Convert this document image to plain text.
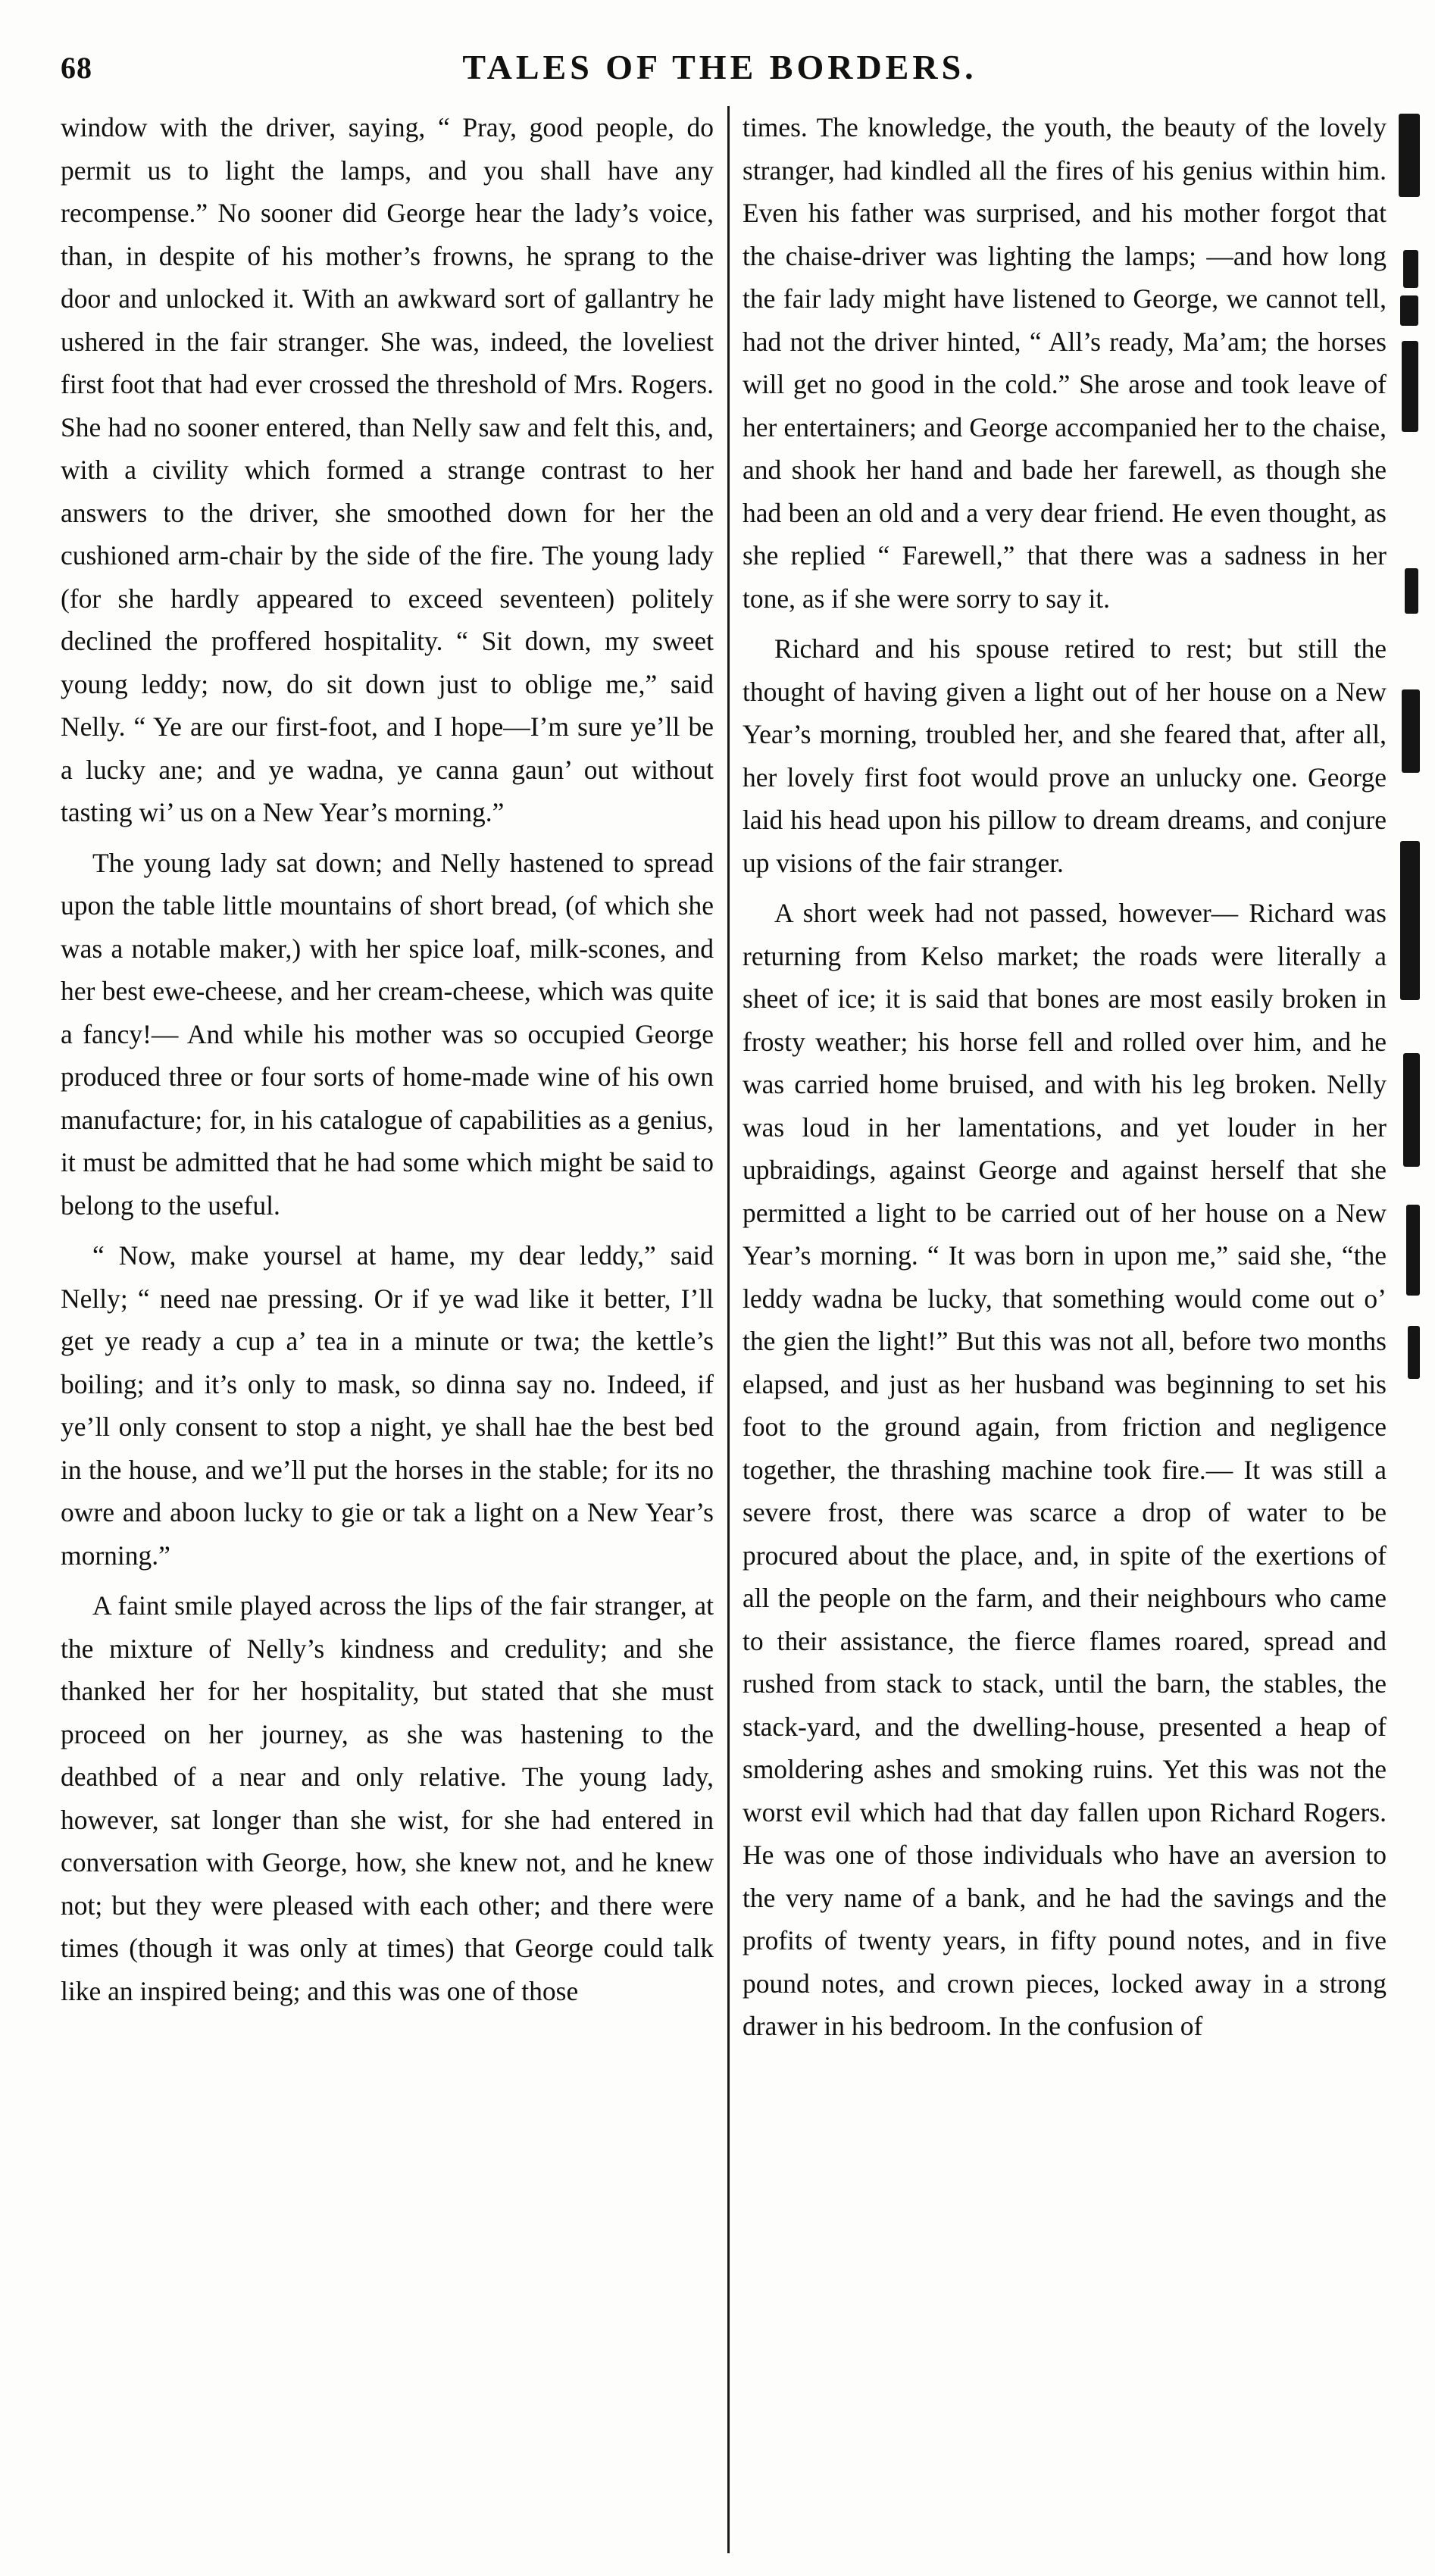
68	TALES OF THE BORDERS.

window with the driver, saying, “ Pray, good people, do permit us to light the lamps, and you shall have any recompense.” No sooner did George hear the lady’s voice, than, in despite of his mother’s frowns, he sprang to the door and unlocked it. With an awkward sort of gallantry he ushered in the fair stranger. She was, indeed, the loveliest first foot that had ever crossed the threshold of Mrs. Rogers. She had no sooner entered, than Nelly saw and felt this, and, with a civility which formed a strange contrast to her answers to the driver, she smoothed down for her the cushioned arm-chair by the side of the fire. The young lady (for she hardly appeared to exceed seventeen) politely declined the proffered hospitality. “ Sit down, my sweet young leddy; now, do sit down just to oblige me,” said Nelly. “ Ye are our first-foot, and I hope—I’m sure ye’ll be a lucky ane; and ye wadna, ye canna gaun’ out without tasting wi’ us on a New Year’s morning.”

The young lady sat down; and Nelly hastened to spread upon the table little mountains of short bread, (of which she was a notable maker,) with her spice loaf, milk-scones, and her best ewe-cheese, and her cream-cheese, which was quite a fancy!— And while his mother was so occupied George produced three or four sorts of home-made wine of his own manufacture; for, in his catalogue of capabilities as a genius, it must be admitted that he had some which might be said to belong to the useful.

“ Now, make yoursel at hame, my dear leddy,” said Nelly; “ need nae pressing. Or if ye wad like it better, I’ll get ye ready a cup a’ tea in a minute or twa; the kettle’s boiling; and it’s only to mask, so dinna say no. Indeed, if ye’ll only consent to stop a night, ye shall hae the best bed in the house, and we’ll put the horses in the stable; for its no owre and aboon lucky to gie or tak a light on a New Year’s morning.”

A faint smile played across the lips of the fair stranger, at the mixture of Nelly’s kindness and credulity; and she thanked her for her hospitality, but stated that she must proceed on her journey, as she was hastening to the deathbed of a near and only relative. The young lady, however, sat longer than she wist, for she had entered in conversation with George, how, she knew not, and he knew not; but they were pleased with each other; and there were times (though it was only at times) that George could talk like an inspired being; and this was one of those

times. The knowledge, the youth, the beauty of the lovely stranger, had kindled all the fires of his genius within him. Even his father was surprised, and his mother forgot that the chaise-driver was lighting the lamps; —and how long the fair lady might have listened to George, we cannot tell, had not the driver hinted, “ All’s ready, Ma’am; the horses will get no good in the cold.” She arose and took leave of her entertainers; and George accompanied her to the chaise, and shook her hand and bade her farewell, as though she had been an old and a very dear friend. He even thought, as she replied “ Farewell,” that there was a sadness in her tone, as if she were sorry to say it.

Richard and his spouse retired to rest; but still the thought of having given a light out of her house on a New Year’s morning, troubled her, and she feared that, after all, her lovely first foot would prove an unlucky one. George laid his head upon his pillow to dream dreams, and conjure up visions of the fair stranger.

A short week had not passed, however— Richard was returning from Kelso market; the roads were literally a sheet of ice; it is said that bones are most easily broken in frosty weather; his horse fell and rolled over him, and he was carried home bruised, and with his leg broken. Nelly was loud in her lamentations, and yet louder in her upbraidings, against George and against herself that she permitted a light to be carried out of her house on a New Year’s morning. “ It was born in upon me,” said she, “the leddy wadna be lucky, that something would come out o’ the gien the light!” But this was not all, before two months elapsed, and just as her husband was beginning to set his foot to the ground again, from friction and negligence together, the thrashing machine took fire.— It was still a severe frost, there was scarce a drop of water to be procured about the place, and, in spite of the exertions of all the people on the farm, and their neighbours who came to their assistance, the fierce flames roared, spread and rushed from stack to stack, until the barn, the stables, the stack-yard, and the dwelling-house, presented a heap of smoldering ashes and smoking ruins. Yet this was not the worst evil which had that day fallen upon Richard Rogers. He was one of those individuals who have an aversion to the very name of a bank, and he had the savings and the profits of twenty years, in fifty pound notes, and in five pound notes, and crown pieces, locked away in a strong drawer in his bedroom. In the confusion of
